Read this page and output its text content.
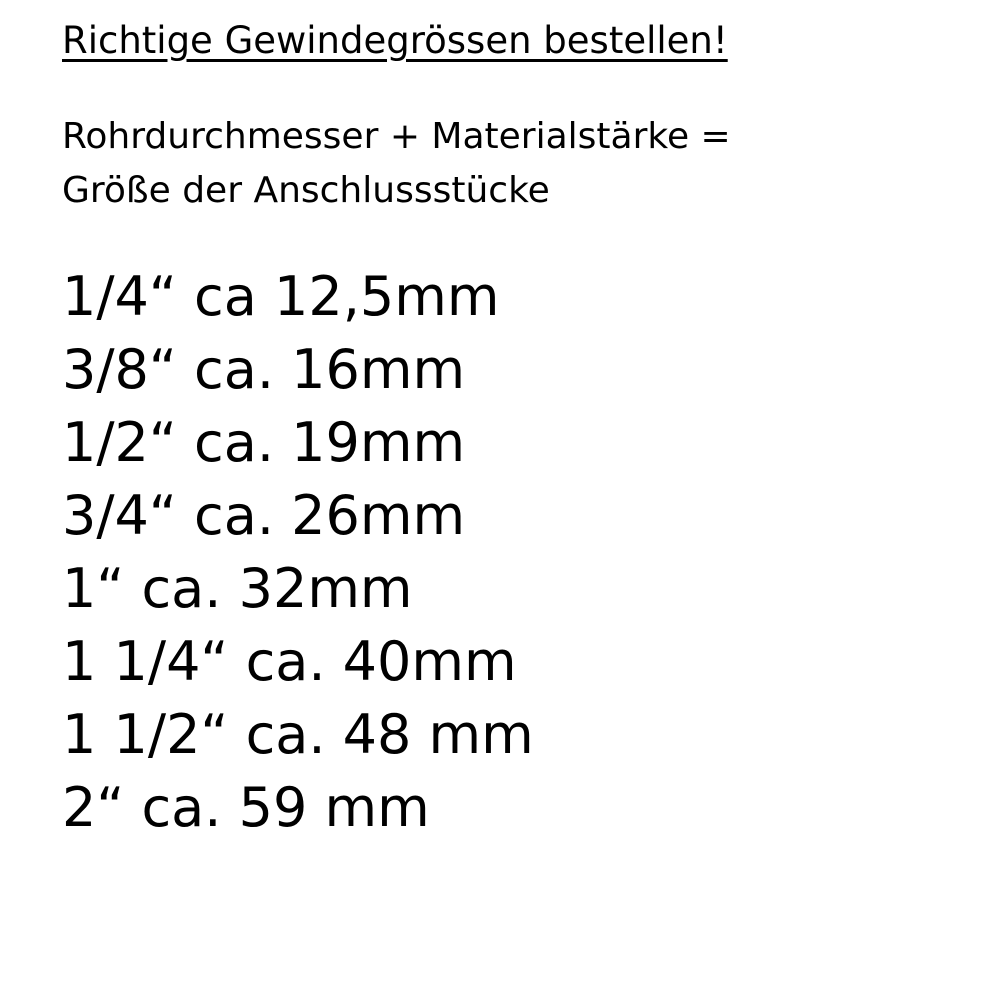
Richtige Gewindegrössen bestellen!
Rohrdurchmesser + Materialstärke =
Größe der Anschlussstücke
1/4“ ca 12,5mm
3/8“ ca. 16mm
1/2“ ca. 19mm
3/4“ ca. 26mm
1“ ca. 32mm
1 1/4“ ca. 40mm
1 1/2“ ca. 48 mm
2“ ca. 59 mm
